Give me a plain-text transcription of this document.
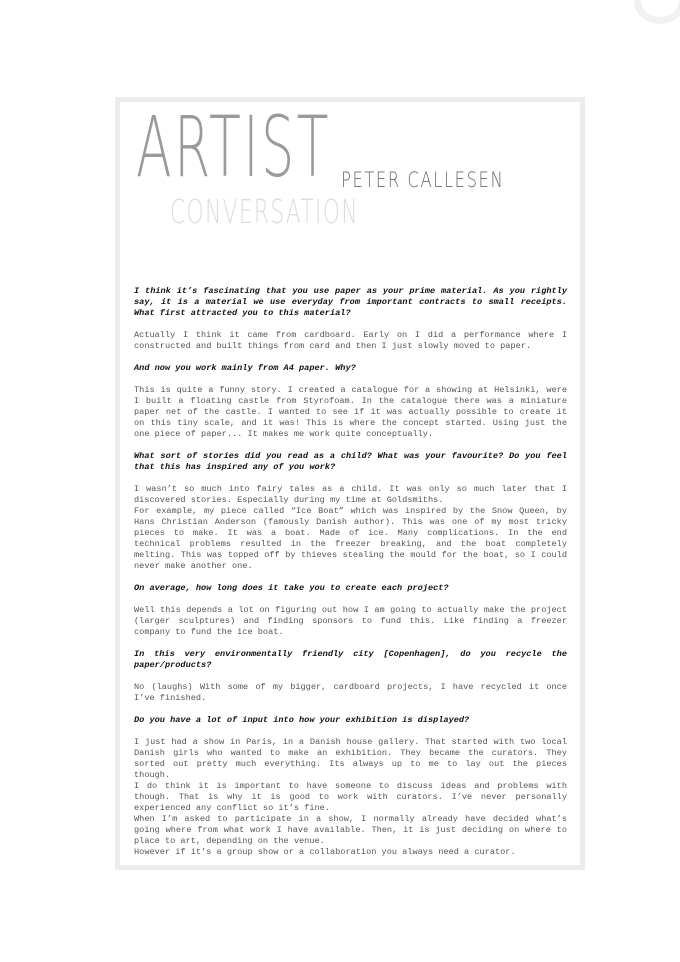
ARTIST PETER CALLESEN
CONVERSATION

I think it’s fascinating that you use paper as your prime material. As you rightly say, it is a material we use everyday from important contracts to small receipts. What first attracted you to this material?

Actually I think it came from cardboard. Early on I did a performance where I constructed and built things from card and then I just slowly moved to paper.

And now you work mainly from A4 paper. Why?

This is quite a funny story. I created a catalogue for a showing at Helsinki, were I built a floating castle from Styrofoam. In the catalogue there was a miniature paper net of the castle. I wanted to see if it was actually possible to create it on this tiny scale, and it was! This is where the concept started. Using just the one piece of paper... It makes me work quite conceptually.

What sort of stories did you read as a child? What was your favourite? Do you feel that this has inspired any of you work?

I wasn’t so much into fairy tales as a child. It was only so much later that I discovered stories. Especially during my time at Goldsmiths.

For example, my piece called “Ice Boat” which was inspired by the Snow Queen, by Hans Christian Anderson (famously Danish author). This was one of my most tricky pieces to make. It was a boat. Made of ice. Many complications. In the end technical problems resulted in the freezer breaking, and the boat completely melting. This was topped off by thieves stealing the mould for the boat, so I could never make another one.

On average, how long does it take you to create each project?

Well this depends a lot on figuring out how I am going to actually make the project (larger sculptures) and finding sponsors to fund this. Like finding a freezer company to fund the ice boat.

In this very environmentally friendly city [Copenhagen], do you recycle the paper/products?

No (laughs) With some of my bigger, cardboard projects, I have recycled it once I’ve finished.

Do you have a lot of input into how your exhibition is displayed?

I just had a show in Paris, in a Danish house gallery. That started with two local Danish girls who wanted to make an exhibition. They became the curators. They sorted out pretty much everything. Its always up to me to lay out the pieces though.

I do think it is important to have someone to discuss ideas and problems with though. That is why it is good to work with curators. I’ve never personally experienced any conflict so it’s fine.

When I’m asked to participate in a show, I normally already have decided what’s going where from what work I have available. Then, it is just deciding on where to place to art, depending on the venue.

However if it’s a group show or a collaboration you always need a curator.
